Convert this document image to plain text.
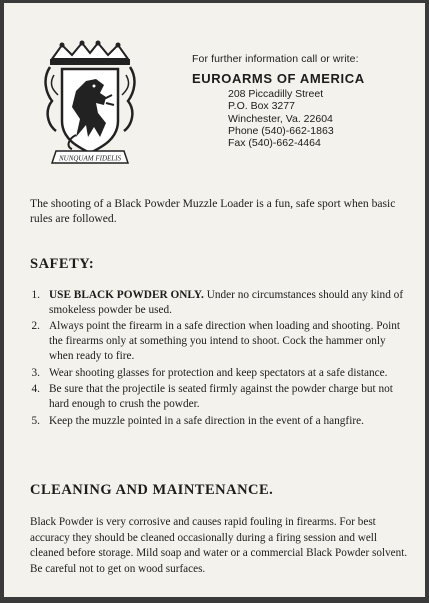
NUNQUAM FIDELIS
For further information call or write:
EUROARMS OF AMERICA
208 Piccadilly Street
P.O. Box 3277
Winchester, Va. 22604
Phone (540)-662-1863
Fax (540)-662-4464
The shooting of a Black Powder Muzzle Loader is a fun, safe sport when basic rules are followed.
SAFETY:
1. USE BLACK POWDER ONLY. Under no circumstances should any kind of smokeless powder be used.
2. Always point the firearm in a safe direction when loading and shooting. Point the firearms only at something you intend to shoot. Cock the hammer only when ready to fire.
3. Wear shooting glasses for protection and keep spectators at a safe distance.
4. Be sure that the projectile is seated firmly against the powder charge but not hard enough to crush the powder.
5. Keep the muzzle pointed in a safe direction in the event of a hangfire.
CLEANING AND MAINTENANCE.
Black Powder is very corrosive and causes rapid fouling in firearms. For best accuracy they should be cleaned occasionally during a firing session and well cleaned before storage. Mild soap and water or a commercial Black Powder solvent. Be careful not to get on wood surfaces.
